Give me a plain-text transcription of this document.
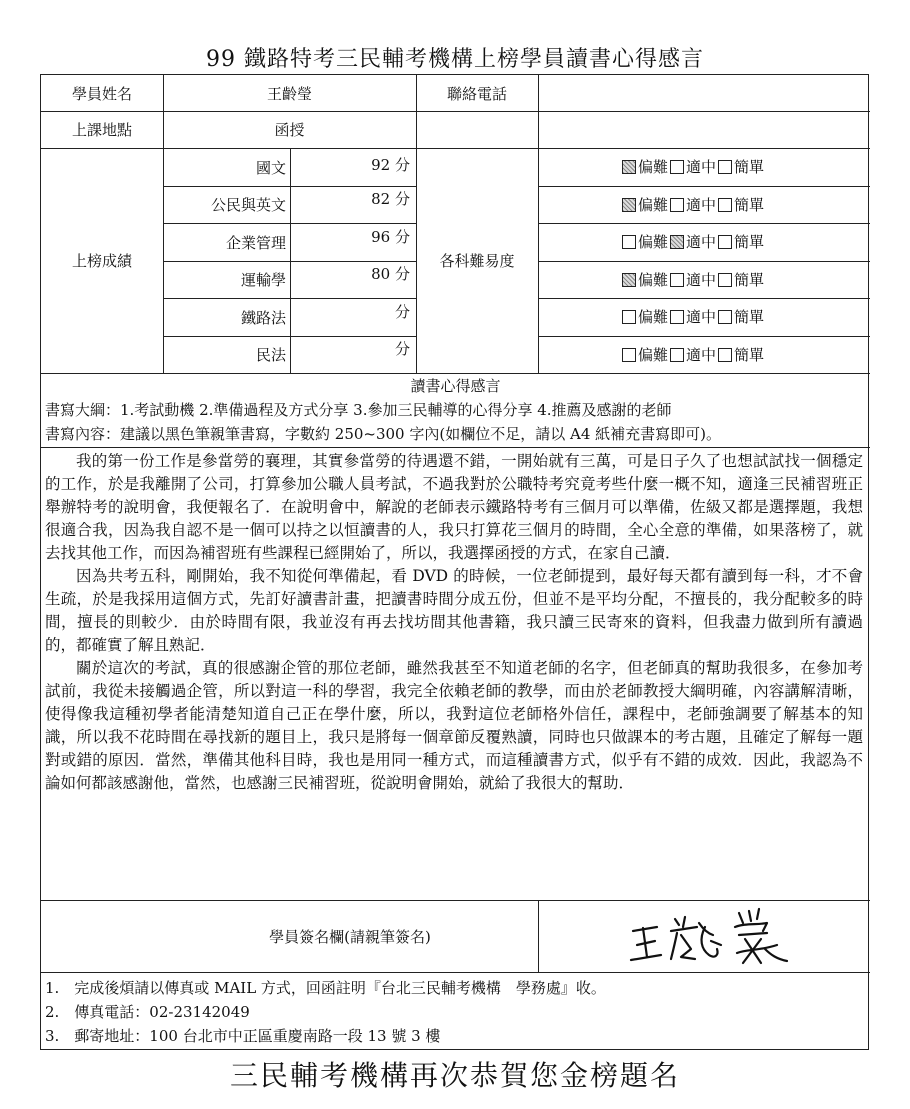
99 鐵路特考三民輔考機構上榜學員讀書心得感言
學員姓名	王齡瑩	聯絡電話
上課地點	函授
上榜成績	各科難易度
國文	92 分	偏難 適中 簡單
公民與英文	82 分	偏難 適中 簡單
企業管理	96 分	偏難 適中 簡單
運輸學	80 分	偏難 適中 簡單
鐵路法	分	偏難 適中 簡單
民法	分	偏難 適中 簡單
讀書心得感言
書寫大綱：1.考試動機 2.準備過程及方式分享 3.參加三民輔導的心得分享 4.推薦及感謝的老師
書寫內容：建議以黑色筆親筆書寫，字數約 250~300 字內(如欄位不足，請以 A4 紙補充書寫即可)。

我的第一份工作是參當勞的襄理，其實參當勞的待遇還不錯，一開始就有三萬，可是日子久了也想試試找一個穩定的工作，於是我離開了公司，打算參加公職人員考試，不過我對於公職特考究竟考些什麼一概不知，適逢三民補習班正舉辦特考的說明會，我便報名了．在說明會中，解說的老師表示鐵路特考有三個月可以準備，佐級又都是選擇題，我想很適合我，因為我自認不是一個可以持之以恒讀書的人，我只打算花三個月的時間，全心全意的準備，如果落榜了，就去找其他工作，而因為補習班有些課程已經開始了，所以，我選擇函授的方式，在家自己讀．

因為共考五科，剛開始，我不知從何準備起，看 DVD 的時候，一位老師提到，最好每天都有讀到每一科，才不會生疏，於是我採用這個方式，先訂好讀書計畫，把讀書時間分成五份，但並不是平均分配，不擅長的，我分配較多的時間，擅長的則較少．由於時間有限，我並沒有再去找坊間其他書籍，我只讀三民寄來的資料，但我盡力做到所有讀過的，都確實了解且熟記．

關於這次的考試，真的很感謝企管的那位老師，雖然我甚至不知道老師的名字，但老師真的幫助我很多，在參加考試前，我從未接觸過企管，所以對這一科的學習，我完全依賴老師的教學，而由於老師教授大綱明確，內容講解清晰，使得像我這種初學者能清楚知道自己正在學什麼，所以，我對這位老師格外信任，課程中，老師強調要了解基本的知識，所以我不花時間在尋找新的題目上，我只是將每一個章節反覆熟讀，同時也只做課本的考古題，且確定了解每一題對或錯的原因．當然，準備其他科目時，我也是用同一種方式，而這種讀書方式，似乎有不錯的成效．因此，我認為不論如何都該感謝他，當然，也感謝三民補習班，從說明會開始，就給了我很大的幫助．

學員簽名欄(請親筆簽名)
1.　完成後煩請以傳真或 MAIL 方式，回函註明『台北三民輔考機構　學務處』收。
2.　傳真電話：02-23142049
3.　郵寄地址：100 台北市中正區重慶南路一段 13 號 3 樓
三民輔考機構再次恭賀您金榜題名
